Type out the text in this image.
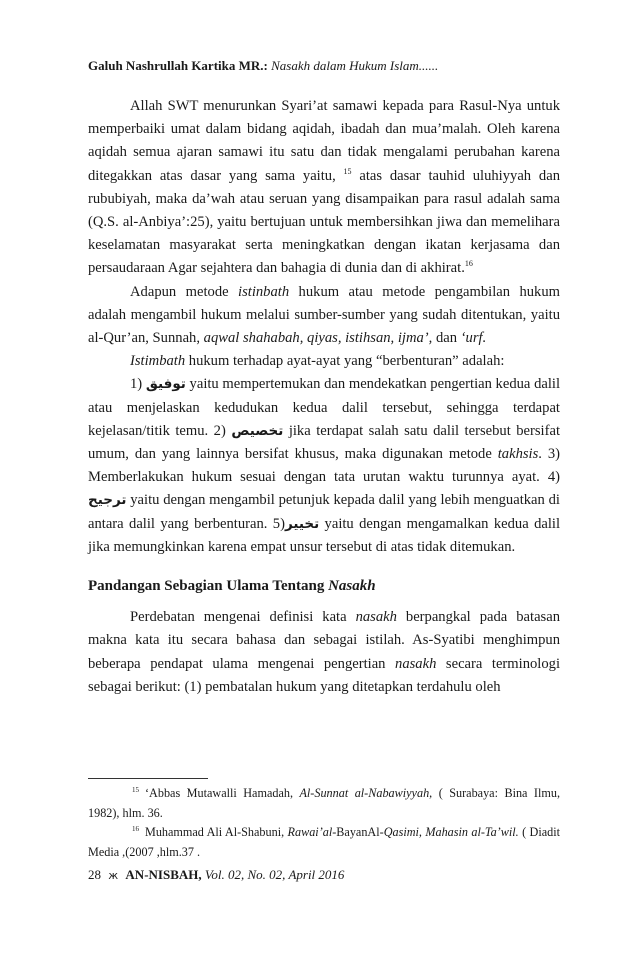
Galuh Nashrullah Kartika MR.: Nasakh dalam Hukum Islam......

Allah SWT menurunkan Syari’at samawi kepada para Rasul-Nya untuk memperbaiki umat dalam bidang aqidah, ibadah dan mua’malah. Oleh karena aqidah semua ajaran samawi itu satu dan tidak mengalami perubahan karena ditegakkan atas dasar yang sama yaitu, $^{15}$ atas dasar tauhid uluhiyyah dan rububiyah, maka da’wah atau seruan yang disampaikan para rasul adalah sama (Q.S. al-Anbiya’:25), yaitu bertujuan untuk membersihkan jiwa dan memelihara keselamatan masyarakat serta meningkatkan dengan ikatan kerjasama dan persaudaraan Agar sejahtera dan bahagia di dunia dan di akhirat.$^{16}$

Adapun metode istinbath hukum atau metode pengambilan hukum adalah mengambil hukum melalui sumber-sumber yang sudah ditentukan, yaitu al-Qur’an, Sunnah, aqwal shahabah, qiyas, istihsan, ijma’, dan ‘urf.

Istimbath hukum terhadap ayat-ayat yang “berbenturan” adalah:

1) توفيق yaitu mempertemukan dan mendekatkan pengertian kedua dalil atau menjelaskan kedudukan kedua dalil tersebut, sehingga terdapat kejelasan/titik temu. 2) تخصيص jika terdapat salah satu dalil tersebut bersifat umum, dan yang lainnya bersifat khusus, maka digunakan metode takhsis. 3) Memberlakukan hukum sesuai dengan tata urutan waktu turunnya ayat. 4) ترجيح yaitu dengan mengambil petunjuk kepada dalil yang lebih menguatkan di antara dalil yang berbenturan. 5)تخيير yaitu dengan mengamalkan kedua dalil jika memungkinkan karena empat unsur tersebut di atas tidak ditemukan.

Pandangan Sebagian Ulama Tentang Nasakh

Perdebatan mengenai definisi kata nasakh berpangkal pada batasan makna kata itu secara bahasa dan sebagai istilah. As-Syatibi menghimpun beberapa pendapat ulama mengenai pengertian nasakh secara terminologi sebagai berikut: (1) pembatalan hukum yang ditetapkan terdahulu oleh

$^{15}$ ‘Abbas Mutawalli Hamadah, Al-Sunnat al-Nabawiyyah, ( Surabaya: Bina Ilmu, 1982), hlm. 36.

$^{16}$ Muhammad Ali Al-Shabuni, Rawai’al-BayanAl-Qasimi, Mahasin al-Ta’wil. ( Diadit Media ,(2007 ,hlm.37 .

28 ж AN-NISBAH, Vol. 02, No. 02, April 2016
